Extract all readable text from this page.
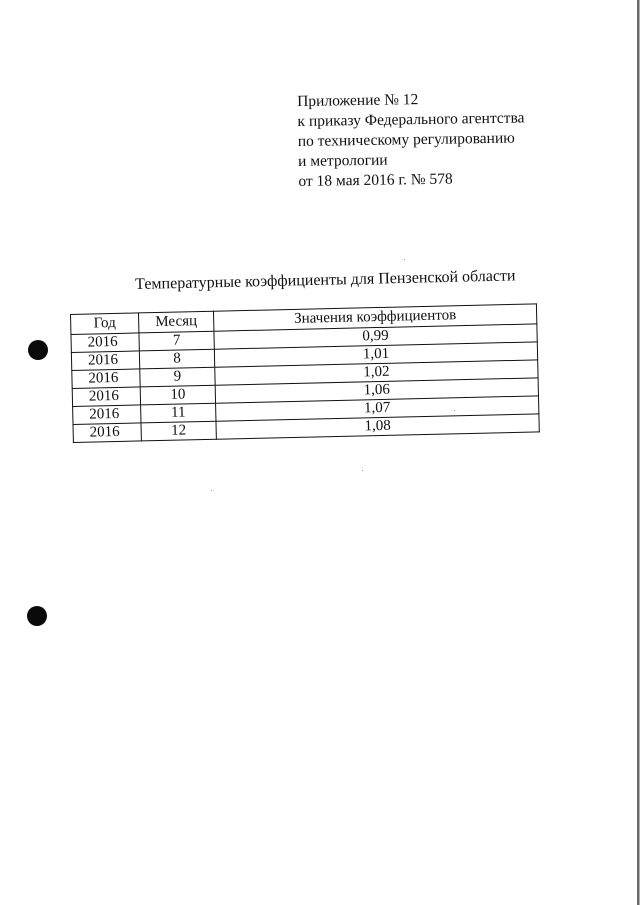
Приложение № 12
к приказу Федерального агентства
по техническому регулированию
и метрологии
от 18 мая 2016 г. № 578
Температурные коэффициенты для Пензенской области
Год	Месяц	Значения коэффициентов
2016	7	0,99
2016	8	1,01
2016	9	1,02
2016	10	1,06
2016	11	1,07
2016	12	1,08
